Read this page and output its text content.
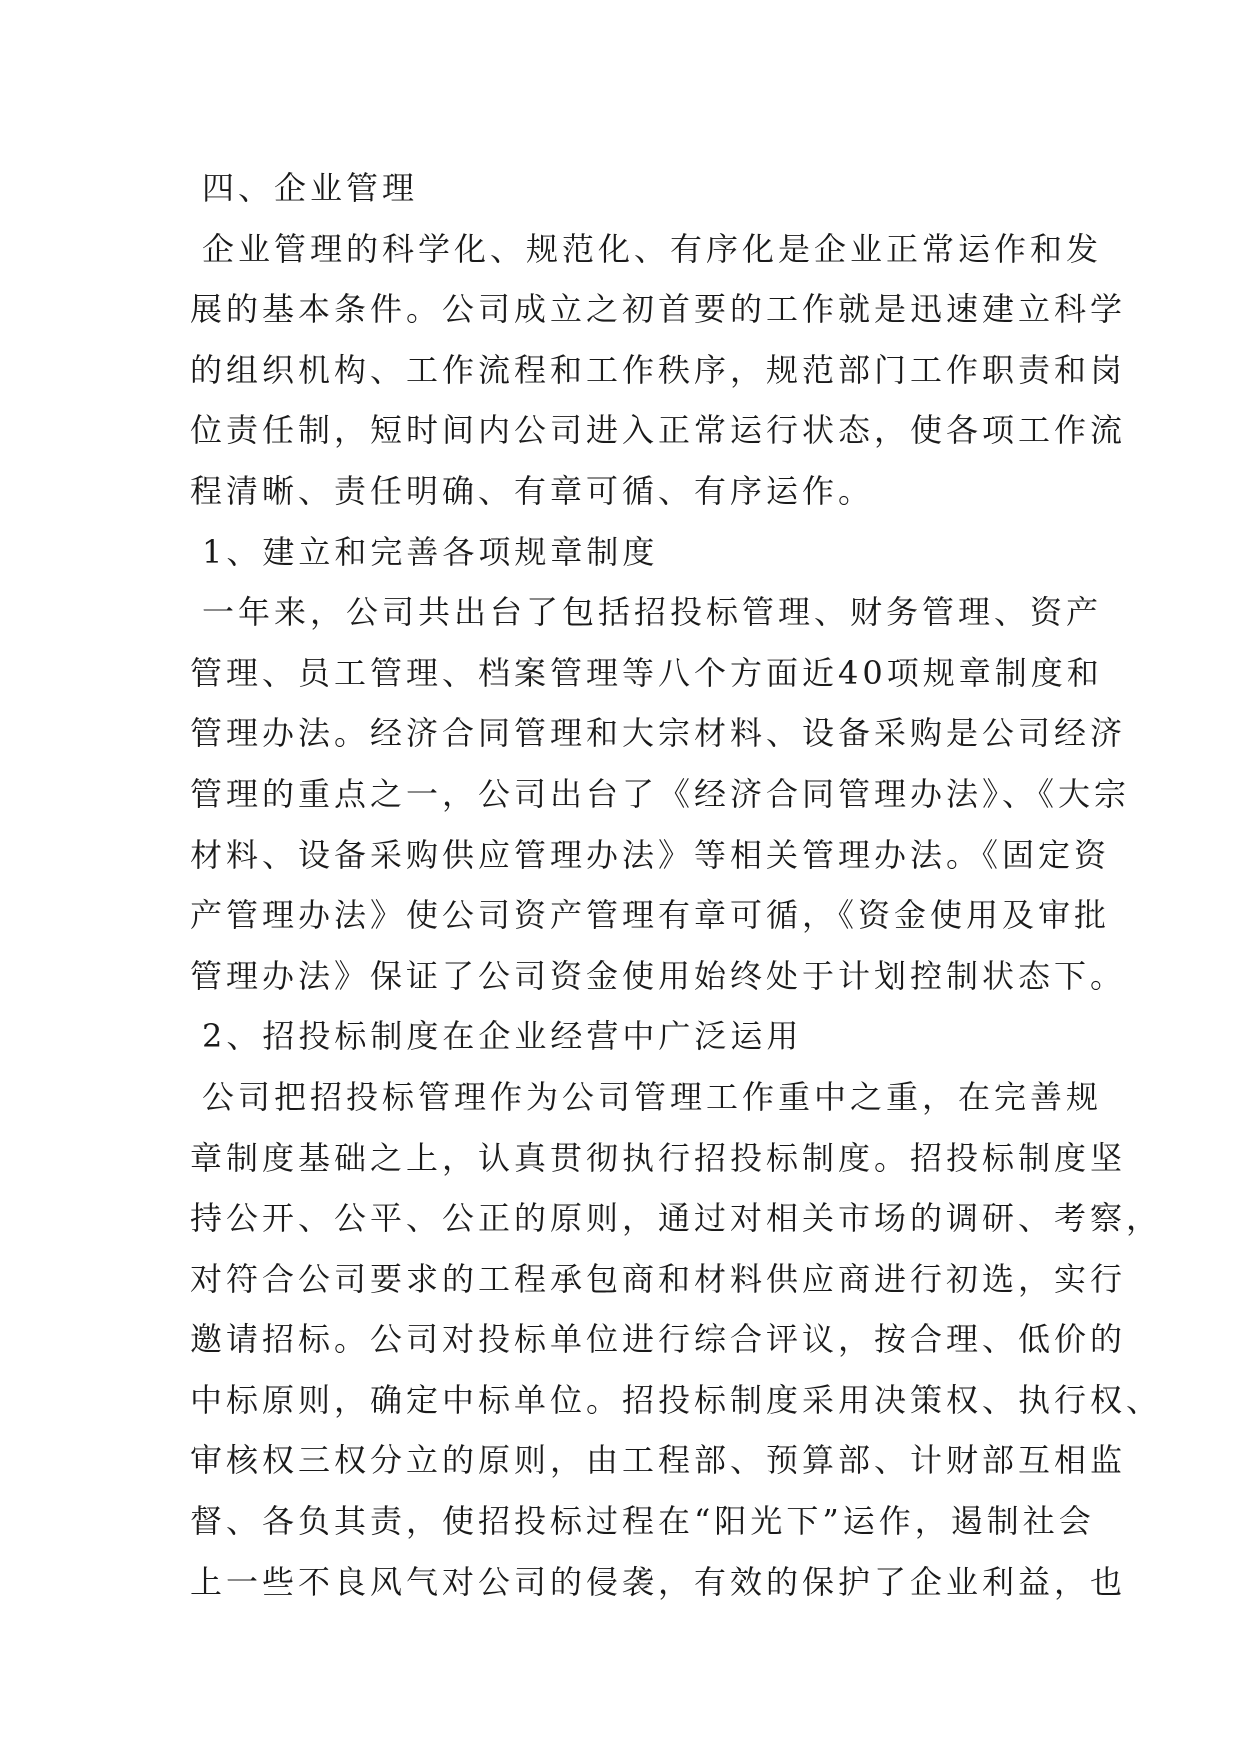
四、企业管理

企业管理的科学化、规范化、有序化是企业正常运作和发

展的基本条件。公司成立之初首要的工作就是迅速建立科学

的组织机构、工作流程和工作秩序，规范部门工作职责和岗

位责任制，短时间内公司进入正常运行状态，使各项工作流

程清晰、责任明确、有章可循、有序运作。

1、建立和完善各项规章制度

一年来，公司共出台了包括招投标管理、财务管理、资产

管理、员工管理、档案管理等八个方面近40项规章制度和

管理办法。经济合同管理和大宗材料、设备采购是公司经济

管理的重点之一，公司出台了《经济合同管理办法》、《大宗

材料、设备采购供应管理办法》等相关管理办法。《固定资

产管理办法》使公司资产管理有章可循，《资金使用及审批

管理办法》保证了公司资金使用始终处于计划控制状态下。

2、招投标制度在企业经营中广泛运用

公司把招投标管理作为公司管理工作重中之重，在完善规

章制度基础之上，认真贯彻执行招投标制度。招投标制度坚

持公开、公平、公正的原则，通过对相关市场的调研、考察，

对符合公司要求的工程承包商和材料供应商进行初选，实行

邀请招标。公司对投标单位进行综合评议，按合理、低价的

中标原则，确定中标单位。招投标制度采用决策权、执行权、

审核权三权分立的原则，由工程部、预算部、计财部互相监

督、各负其责，使招投标过程在“阳光下”运作，遏制社会

上一些不良风气对公司的侵袭，有效的保护了企业利益，也
